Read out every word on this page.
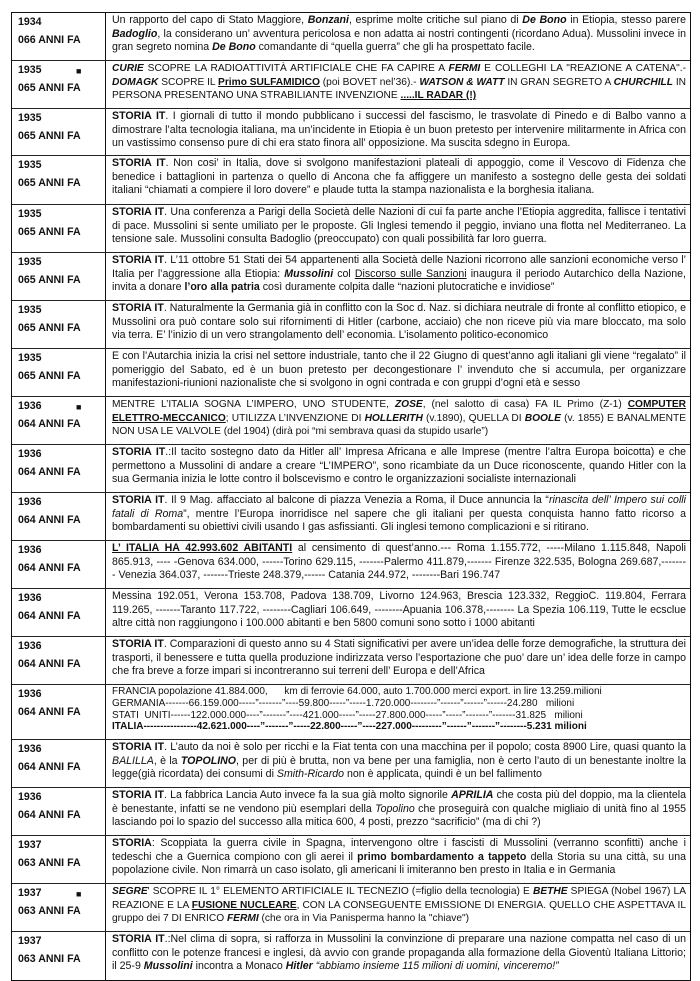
1934
066 ANNI FA
Un rapporto del capo di Stato Maggiore, Bonzani, esprime molte critiche sul piano di De Bono in Etiopia, stesso parere Badoglio, la considerano un’ avventura pericolosa e non adatta ai nostri contingenti (ricordano Adua). Mussolini invece in gran segreto nomina De Bono comandante di “quella guerra” che gli ha prospettato facile.
1935	■
065 ANNI FA
CURIE SCOPRE LA RADIOATTIVITÀ ARTIFICIALE CHE FA CAPIRE A FERMI E COLLEGHI LA "REAZIONE A CATENA".- DOMAGK SCOPRE IL Primo SULFAMIDICO (poi BOVET nel’36).- WATSON & WATT IN GRAN SEGRETO A CHURCHILL IN PERSONA PRESENTANO UNA STRABILIANTE INVENZIONE .....IL RADAR (!)
1935
065 ANNI FA
STORIA IT. I giornali di tutto il mondo pubblicano i successi del fascismo, le trasvolate di Pinedo e di Balbo vanno a dimostrare l’alta tecnologia italiana, ma un’incidente in Etiopia è un buon pretesto per intervenire militarmente in Africa con un vastissimo consenso pure di chi era stato finora all’ opposizione. Ma suscita sdegno in Europa.
1935
065 ANNI FA
STORIA IT. Non cosi’ in Italia, dove si svolgono manifestazioni plateali di appoggio, come il Vescovo di Fidenza che benedice i battaglioni in partenza o quello di Ancona che fa affiggere un manifesto a sostegno delle gesta dei soldati italiani “chiamati a compiere il loro dovere” e plaude tutta la stampa nazionalista e la borghesia italiana.
1935
065 ANNI FA
STORIA IT. Una conferenza a Parigi della Società delle Nazioni di cui fa parte anche l’Etiopia aggredita, fallisce i tentativi di pace. Mussolini si sente umiliato per le proposte. Gli Inglesi temendo il peggio, inviano una flotta nel Mediterraneo. La tensione sale. Mussolini consulta Badoglio (preoccupato) con quali possibilità far loro guerra.
1935
065 ANNI FA
STORIA IT. L’11 ottobre 51 Stati dei 54 appartenenti alla Società delle Nazioni ricorrono alle sanzioni economiche verso l’ Italia per l’aggressione alla Etiopia: Mussolini col Discorso sulle Sanzioni inaugura il periodo Autarchico della Nazione, invita a donare l’oro alla patria così duramente colpita dalle “nazioni plutocratiche e invidiose”
1935
065 ANNI FA
STORIA IT. Naturalmente la Germania già in conflitto con la Soc d. Naz. si dichiara neutrale di fronte al conflitto etiopico, e Mussolini ora può contare solo sui rifornimenti di Hitler (carbone, acciaio) che non riceve più via mare bloccato, ma solo via terra. E’ l’inizio di un vero strangolamento dell’ economia. L’isolamento politico-economico
1935
065 ANNI FA
E con l’Autarchia inizia la crisi nel settore industriale, tanto che il 22 Giugno di quest’anno agli italiani gli viene “regalato” il pomeriggio del Sabato, ed è un buon pretesto per decongestionare l’ invenduto che si accumula, per organizzare manifestazioni-riunioni nazionaliste che si svolgono in ogni contrada e con gruppi d’ogni età e sesso
1936	■
064 ANNI FA
MENTRE L’ITALIA SOGNA L’IMPERO, UNO STUDENTE, ZOSE, (nel salotto di casa) FA IL Primo (Z-1) COMPUTER ELETTRO-MECCANICO; UTILIZZA L’INVENZIONE DI HOLLERITH (v.1890), QUELLA DI BOOLE (v. 1855) E BANALMENTE NON USA LE VALVOLE (del 1904) (dirà poi “mi sembrava quasi da stupido usarle”)
1936
064 ANNI FA
STORIA IT.:Il tacito sostegno dato da Hitler all’ Impresa Africana e alle Imprese (mentre l’altra Europa boicotta) e che permettono a Mussolini di andare a creare “L’IMPERO”, sono ricambiate da un Duce riconoscente, quando Hitler con la sua Germania inizia le lotte contro il bolscevismo e contro le organizzazioni socialiste internazionali
1936
064 ANNI FA
STORIA IT. Il 9 Mag. affacciato al balcone di piazza Venezia a Roma, il Duce annuncia la “rinascita dell’ Impero sui colli fatali di Roma”, mentre l’Europa inorridisce nel sapere che gli italiani per questa conquista hanno fatto ricorso a bombardamenti su obiettivi civili usando I gas asfissianti. Gli inglesi temono complicazioni e si ritirano.
1936
064 ANNI FA
L’ ITALIA HA 42.993.602 ABITANTI al censimento di quest’anno.--- Roma 1.155.772, -----Milano 1.115.848, Napoli 865.913, ---- -Genova 634.000, ------Torino 629.115, -------Palermo 411.879,------- Firenze 322.535, Bologna 269.687,-------- Venezia 364.037, -------Trieste 248.379,------ Catania 244.972, --------Bari 196.747
1936
064 ANNI FA
Messina 192.051, Verona 153.708, Padova 138.709, Livorno 124.963, Brescia 123.332, ReggioC. 119.804, Ferrara 119.265, -------Taranto 117.722, --------Cagliari 106.649, --------Apuania 106.378,-------- La Spezia 106.119, Tutte le ecsclue altre città non raggiungono i 100.000 abitanti e ben 5800 comuni sono sotto i 1000 abitanti
1936
064 ANNI FA
STORIA IT. Comparazioni di questo anno su 4 Stati significativi per avere un’idea delle forze demografiche, la struttura dei trasporti, il benessere e tutta quella produzione indirizzata verso l’esportazione che puo’ dare un’ idea delle forze in campo che fra breve a forze impari si incontreranno sui terreni dell’ Europa e dell’Africa
1936
064 ANNI FA
FRANCIA popolazione 41.884.000,      km di ferrovie 64.000, auto 1.700.000 merci export. in lire 13.259.milioni
GERMANIA-------66.159.000-----”-------”----59.800-----”-----1.720.000--------”------”------”------24.280   milioni
STATI  UNITI------122.000.000----”-------”----421.000-----”-----27.800.000-----”-----”-------”-------31.825   milioni
ITALIA----------------42.621.000----”-------”-----22.800-----”----227.000---------”------”-------”--------5.231 milioni
1936
064 ANNI FA
STORIA IT. L’auto da noi è solo per ricchi e la Fiat tenta con una macchina per il popolo; costa 8900 Lire, quasi quanto la BALILLA, è la TOPOLINO, per di più è brutta, non va bene per una famiglia, non è certo l’auto di un benestante inoltre la legge(già ricordata) dei consumi di Smith-Ricardo non è applicata, quindi è un bel fallimento
1936
064 ANNI FA
STORIA IT. La fabbrica Lancia Auto invece fa la sua già molto signorile APRILIA che costa più del doppio, ma la clientela è benestante, infatti se ne vendono più esemplari della Topolino che proseguirà con qualche migliaio di unità fino al 1955 lasciando poi lo spazio del successo alla mitica 600, 4 posti, prezzo “sacrificio” (ma di chi ?)
1937
063 ANNI FA
STORIA: Scoppiata la guerra civile in Spagna, intervengono oltre i fascisti di Mussolini (verranno sconfitti) anche i tedeschi che a Guernica compiono con gli aerei il primo bombardamento a tappeto della Storia su una città, su una popolazione civile. Non rimarrà un caso isolato, gli americani li imiteranno ben presto in Italia e in Germania
1937	■
063 ANNI FA
SEGRE' SCOPRE IL 1° ELEMENTO ARTIFICIALE IL TECNEZIO (=figlio della tecnologia) E BETHE SPIEGA (Nobel 1967) LA REAZIONE E LA FUSIONE NUCLEARE, CON LA CONSEGUENTE EMISSIONE DI ENERGIA. QUELLO CHE ASPETTAVA IL gruppo dei 7 DI ENRICO FERMI (che ora in Via Panisperma hanno la "chiave")
1937
063 ANNI FA
STORIA IT.:Nel clima di sopra, si rafforza in Mussolini la convinzione di preparare una nazione compatta nel caso di un conflitto con le potenze francesi e inglesi, dà avvio con grande propaganda alla formazione della Gioventù Italiana Littorio; il 25-9 Mussolini incontra a Monaco Hitler “abbiamo insieme 115 milioni di uomini, vinceremo!”
